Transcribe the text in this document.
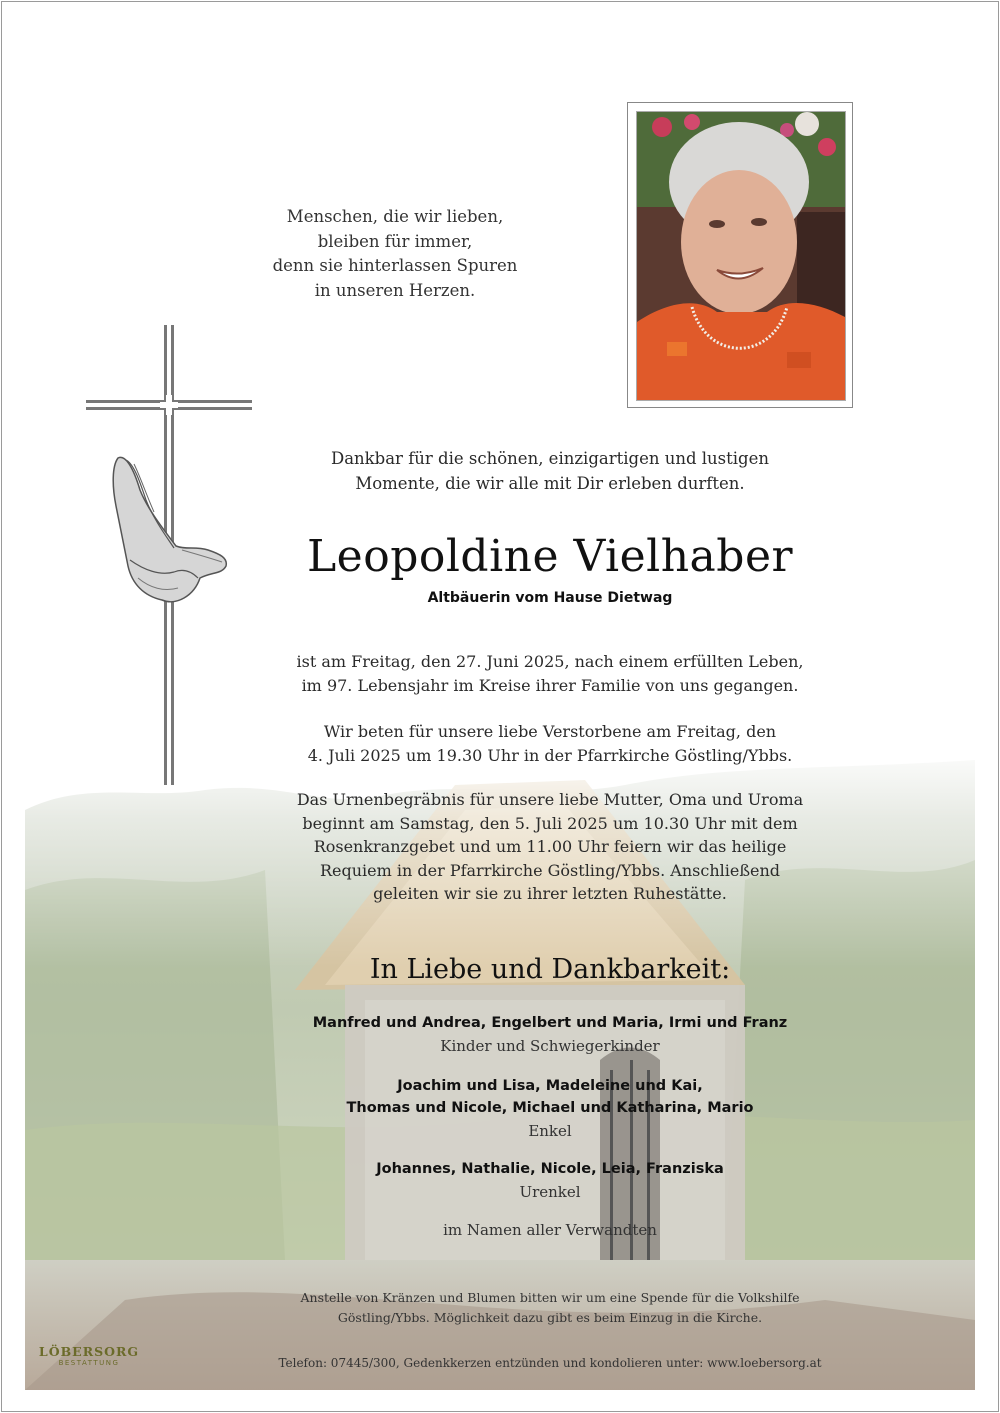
Menschen, die wir lieben,
bleiben für immer,
denn sie hinterlassen Spuren
in unseren Herzen.
Dankbar für die schönen, einzigartigen und lustigen
Momente, die wir alle mit Dir erleben durften.
Leopoldine Vielhaber
Altbäuerin vom Hause Dietwag
ist am Freitag, den 27. Juni 2025, nach einem erfüllten Leben,
im 97. Lebensjahr im Kreise ihrer Familie von uns gegangen.
Wir beten für unsere liebe Verstorbene am Freitag, den
4. Juli 2025 um 19.30 Uhr in der Pfarrkirche Göstling/Ybbs.
Das Urnenbegräbnis für unsere liebe Mutter, Oma und Uroma
beginnt am Samstag, den 5. Juli 2025 um 10.30 Uhr mit dem
Rosenkranzgebet und um 11.00 Uhr feiern wir das heilige
Requiem in der Pfarrkirche Göstling/Ybbs. Anschließend
geleiten wir sie zu ihrer letzten Ruhestätte.
In Liebe und Dankbarkeit:
Manfred und Andrea, Engelbert und Maria, Irmi und Franz
Kinder und Schwiegerkinder
Joachim und Lisa, Madeleine und Kai,
Thomas und Nicole, Michael und Katharina, Mario
Enkel
Johannes, Nathalie, Nicole, Leia, Franziska
Urenkel
im Namen aller Verwandten
Anstelle von Kränzen und Blumen bitten wir um eine Spende für die Volkshilfe
Göstling/Ybbs. Möglichkeit dazu gibt es beim Einzug in die Kirche.
LÖBERSORG
BESTATTUNG	Telefon: 07445/300, Gedenkkerzen entzünden und kondolieren unter: www.loebersorg.at
